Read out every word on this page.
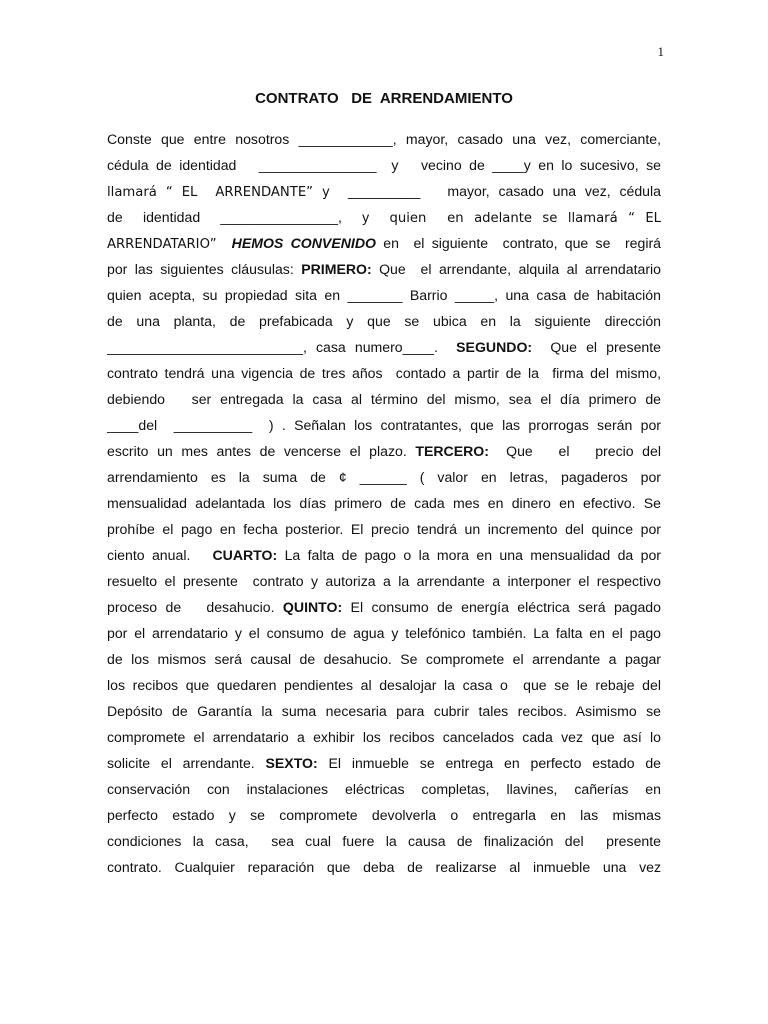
1
CONTRATO   DE  ARRENDAMIENTO
Conste que entre nosotros ____________, mayor, casado una vez, comerciante,
cédula de identidad   _______________  y   vecino de ____y en lo sucesivo, se
llamará “ EL  ARRENDANTE” y  ___________   mayor, casado una vez, cédula
de  identidad  _______________,  y  quien  en adelante se llamará “ EL
ARRENDATARIO”  HEMOS CONVENIDO en  el siguiente  contrato, que se  regirá
por las siguientes cláusulas: PRIMERO: Que  el arrendante, alquila al arrendatario
quien acepta, su propiedad sita en _______ Barrio _____, una casa de habitación
de  una  planta,  de  prefabicada  y  que  se  ubica  en  la  siguiente  dirección
_________________________, casa numero____.  SEGUNDO:  Que el presente
contrato tendrá una vigencia de tres años  contado a partir de la  firma del mismo,
debiendo   ser entregada la casa al término del mismo, sea el día primero de
____del  __________  ) . Señalan los contratantes, que las prorrogas serán por
escrito un mes antes de vencerse el plazo. TERCERO:  Que   el   precio del
arrendamiento  es  la  suma  de  ¢  ______  (  valor  en  letras,  pagaderos  por
mensualidad adelantada los días primero de cada mes en dinero en efectivo. Se
prohíbe el pago en fecha posterior. El precio tendrá un incremento del quince por
ciento anual.   CUARTO: La falta de pago o la mora en una mensualidad da por
resuelto el presente  contrato y autoriza a la arrendante a interponer el respectivo
proceso de   desahucio. QUINTO: El consumo de energía eléctrica será pagado
por el arrendatario y el consumo de agua y telefónico también. La falta en el pago
de los mismos será causal de desahucio. Se compromete el arrendante a pagar
los recibos que quedaren pendientes al desalojar la casa o  que se le rebaje del
Depósito de Garantía la suma necesaria para cubrir tales recibos. Asimismo se
compromete el arrendatario a exhibir los recibos cancelados cada vez que así lo
solicite el arrendante. SEXTO: El inmueble se entrega en perfecto estado de
conservación  con  instalaciones  eléctricas  completas,  llavines,  cañerías  en
perfecto  estado  y  se  compromete  devolverla  o  entregarla  en  las  mismas
condiciones  la  casa,    sea  cual  fuere  la  causa  de  finalización  del    presente
contrato.  Cualquier  reparación  que  deba  de  realizarse  al  inmueble  una  vez
